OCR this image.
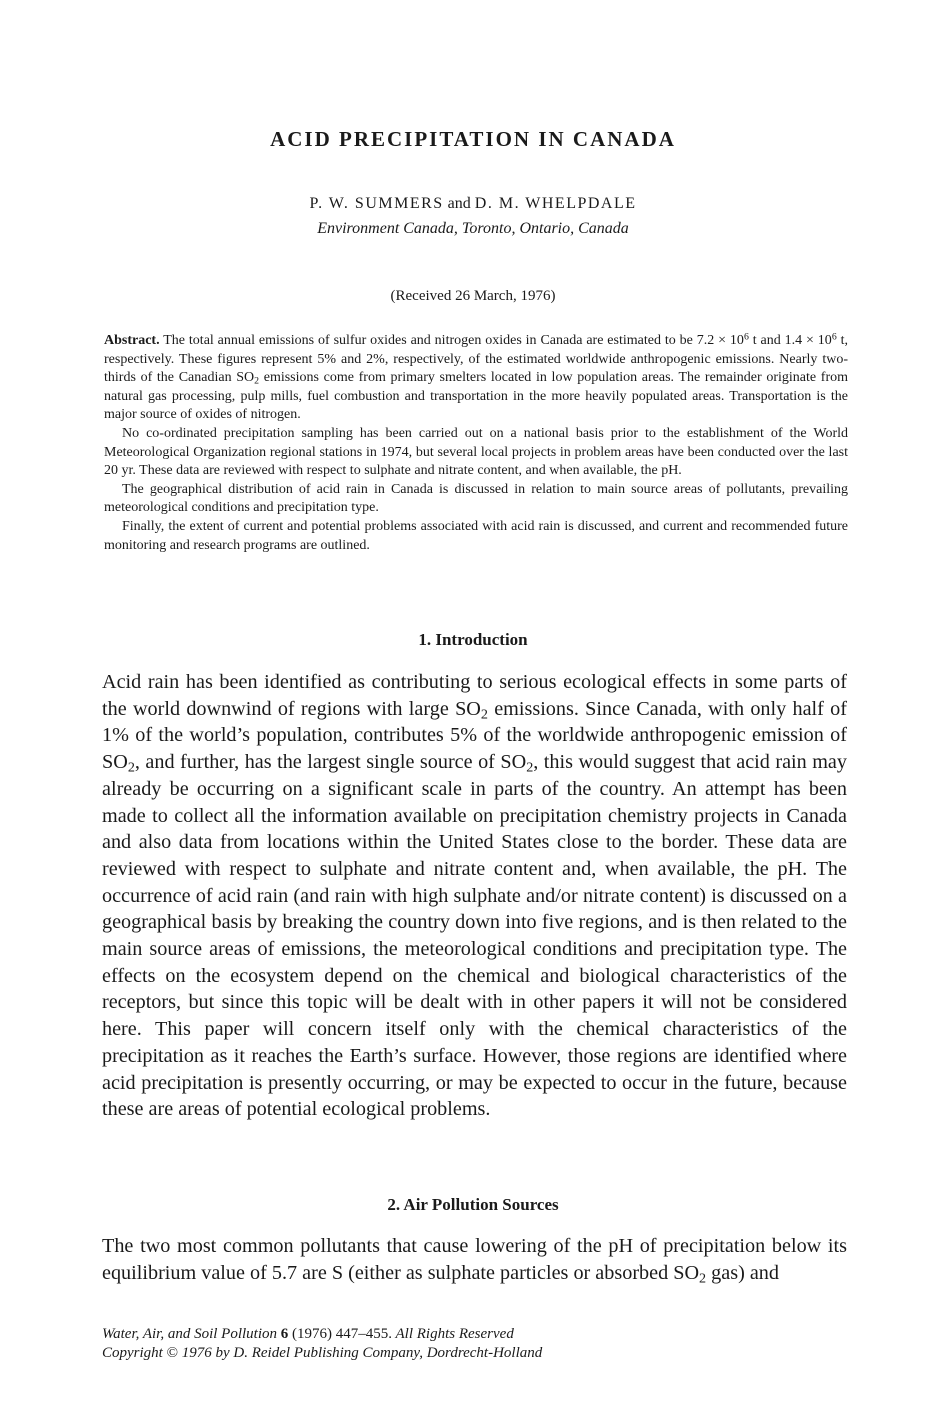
ACID PRECIPITATION IN CANADA
P. W. SUMMERS and D. M. WHELPDALE
Environment Canada, Toronto, Ontario, Canada
(Received 26 March, 1976)

Abstract. The total annual emissions of sulfur oxides and nitrogen oxides in Canada are estimated to be $7.2 \times 10^6$ t and $1.4 \times 10^6$ t, respectively. These figures represent 5% and 2%, respectively, of the estimated worldwide anthropogenic emissions. Nearly two-thirds of the Canadian $SO_2$ emissions come from primary smelters located in low population areas. The remainder originate from natural gas processing, pulp mills, fuel combustion and transportation in the more heavily populated areas. Transportation is the major source of oxides of nitrogen.

No co-ordinated precipitation sampling has been carried out on a national basis prior to the establishment of the World Meteorological Organization regional stations in 1974, but several local projects in problem areas have been conducted over the last 20 yr. These data are reviewed with respect to sulphate and nitrate content, and when available, the pH.

The geographical distribution of acid rain in Canada is discussed in relation to main source areas of pollutants, prevailing meteorological conditions and precipitation type.

Finally, the extent of current and potential problems associated with acid rain is discussed, and current and recommended future monitoring and research programs are outlined.

1. Introduction

Acid rain has been identified as contributing to serious ecological effects in some parts of the world downwind of regions with large $SO_2$ emissions. Since Canada, with only half of 1% of the world’s population, contributes 5% of the worldwide anthropogenic emission of $SO_2$, and further, has the largest single source of $SO_2$, this would suggest that acid rain may already be occurring on a significant scale in parts of the country. An attempt has been made to collect all the information available on precipitation chemistry projects in Canada and also data from locations within the United States close to the border. These data are reviewed with respect to sulphate and nitrate content and, when available, the pH. The occurrence of acid rain (and rain with high sulphate and/or nitrate content) is discussed on a geographical basis by breaking the country down into five regions, and is then related to the main source areas of emissions, the meteorological conditions and precipitation type. The effects on the ecosystem depend on the chemical and biological characteristics of the receptors, but since this topic will be dealt with in other papers it will not be considered here. This paper will concern itself only with the chemical characteristics of the precipitation as it reaches the Earth’s surface. However, those regions are identified where acid precipitation is presently occurring, or may be expected to occur in the future, because these are areas of potential ecological problems.

2. Air Pollution Sources

The two most common pollutants that cause lowering of the pH of precipitation below its equilibrium value of 5.7 are S (either as sulphate particles or absorbed $SO_2$ gas) and

Water, Air, and Soil Pollution 6 (1976) 447–455. All Rights Reserved
Copyright © 1976 by D. Reidel Publishing Company, Dordrecht-Holland
